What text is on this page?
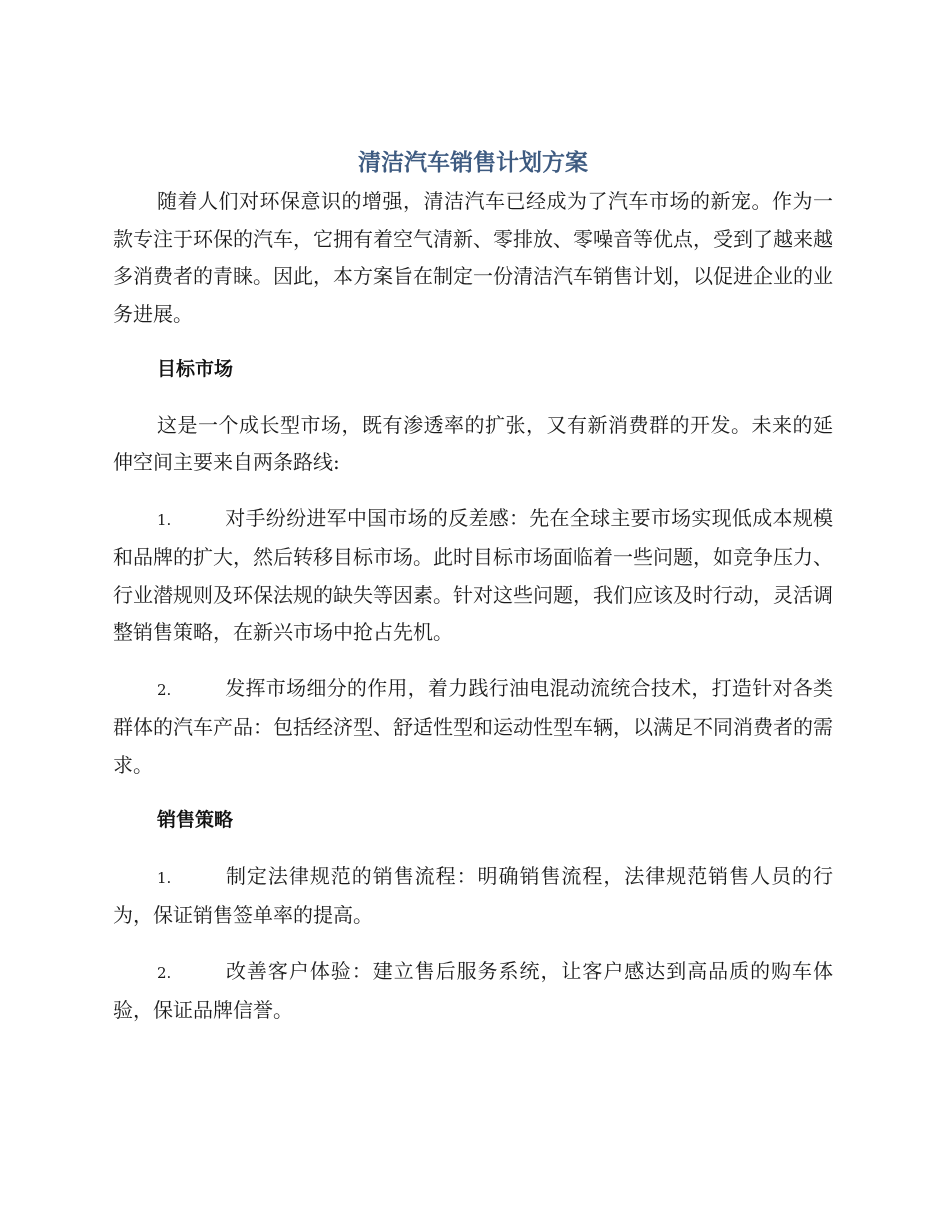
清洁汽车销售计划方案

随着人们对环保意识的增强，清洁汽车已经成为了汽车市场的新宠。作为一款专注于环保的汽车，它拥有着空气清新、零排放、零噪音等优点，受到了越来越多消费者的青睐。因此，本方案旨在制定一份清洁汽车销售计划，以促进企业的业务进展。

目标市场

这是一个成长型市场，既有渗透率的扩张，又有新消费群的开发。未来的延伸空间主要来自两条路线:

1.	对手纷纷进军中国市场的反差感：先在全球主要市场实现低成本规模和品牌的扩大，然后转移目标市场。此时目标市场面临着一些问题，如竞争压力、行业潜规则及环保法规的缺失等因素。针对这些问题，我们应该及时行动，灵活调整销售策略，在新兴市场中抢占先机。

2.	发挥市场细分的作用，着力践行油电混动流统合技术，打造针对各类群体的汽车产品：包括经济型、舒适性型和运动性型车辆，以满足不同消费者的需求。

销售策略

1.	制定法律规范的销售流程：明确销售流程，法律规范销售人员的行为，保证销售签单率的提高。

2.	改善客户体验：建立售后服务系统，让客户感达到高品质的购车体验，保证品牌信誉。
